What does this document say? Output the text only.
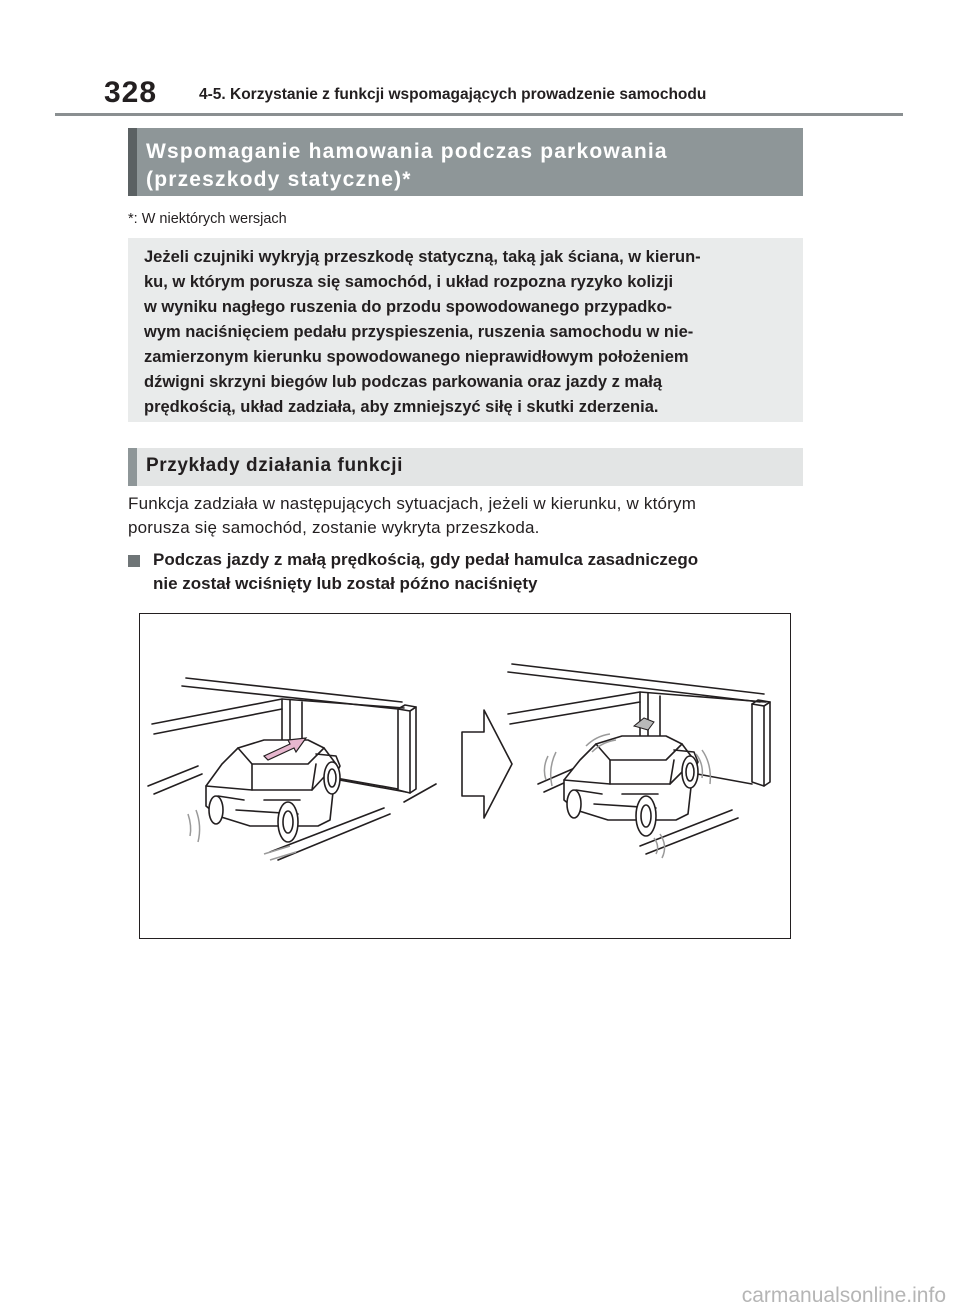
328	4-5. Korzystanie z funkcji wspomagających prowadzenie samochodu
Wspomaganie hamowania podczas parkowania
(przeszkody statyczne)*
*: W niektórych wersjach
Jeżeli czujniki wykryją przeszkodę statyczną, taką jak ściana, w kierun-
ku, w którym porusza się samochód, i układ rozpozna ryzyko kolizji
w wyniku nagłego ruszenia do przodu spowodowanego przypadko-
wym naciśnięciem pedału przyspieszenia, ruszenia samochodu w nie-
zamierzonym kierunku spowodowanego nieprawidłowym położeniem
dźwigni skrzyni biegów lub podczas parkowania oraz jazdy z małą
prędkością, układ zadziała, aby zmniejszyć siłę i skutki zderzenia.
Przykłady działania funkcji
Funkcja zadziała w następujących sytuacjach, jeżeli w kierunku, w którym
porusza się samochód, zostanie wykryta przeszkoda.
Podczas jazdy z małą prędkością, gdy pedał hamulca zasadniczego
nie został wciśnięty lub został późno naciśnięty
carmanualsonline.info
